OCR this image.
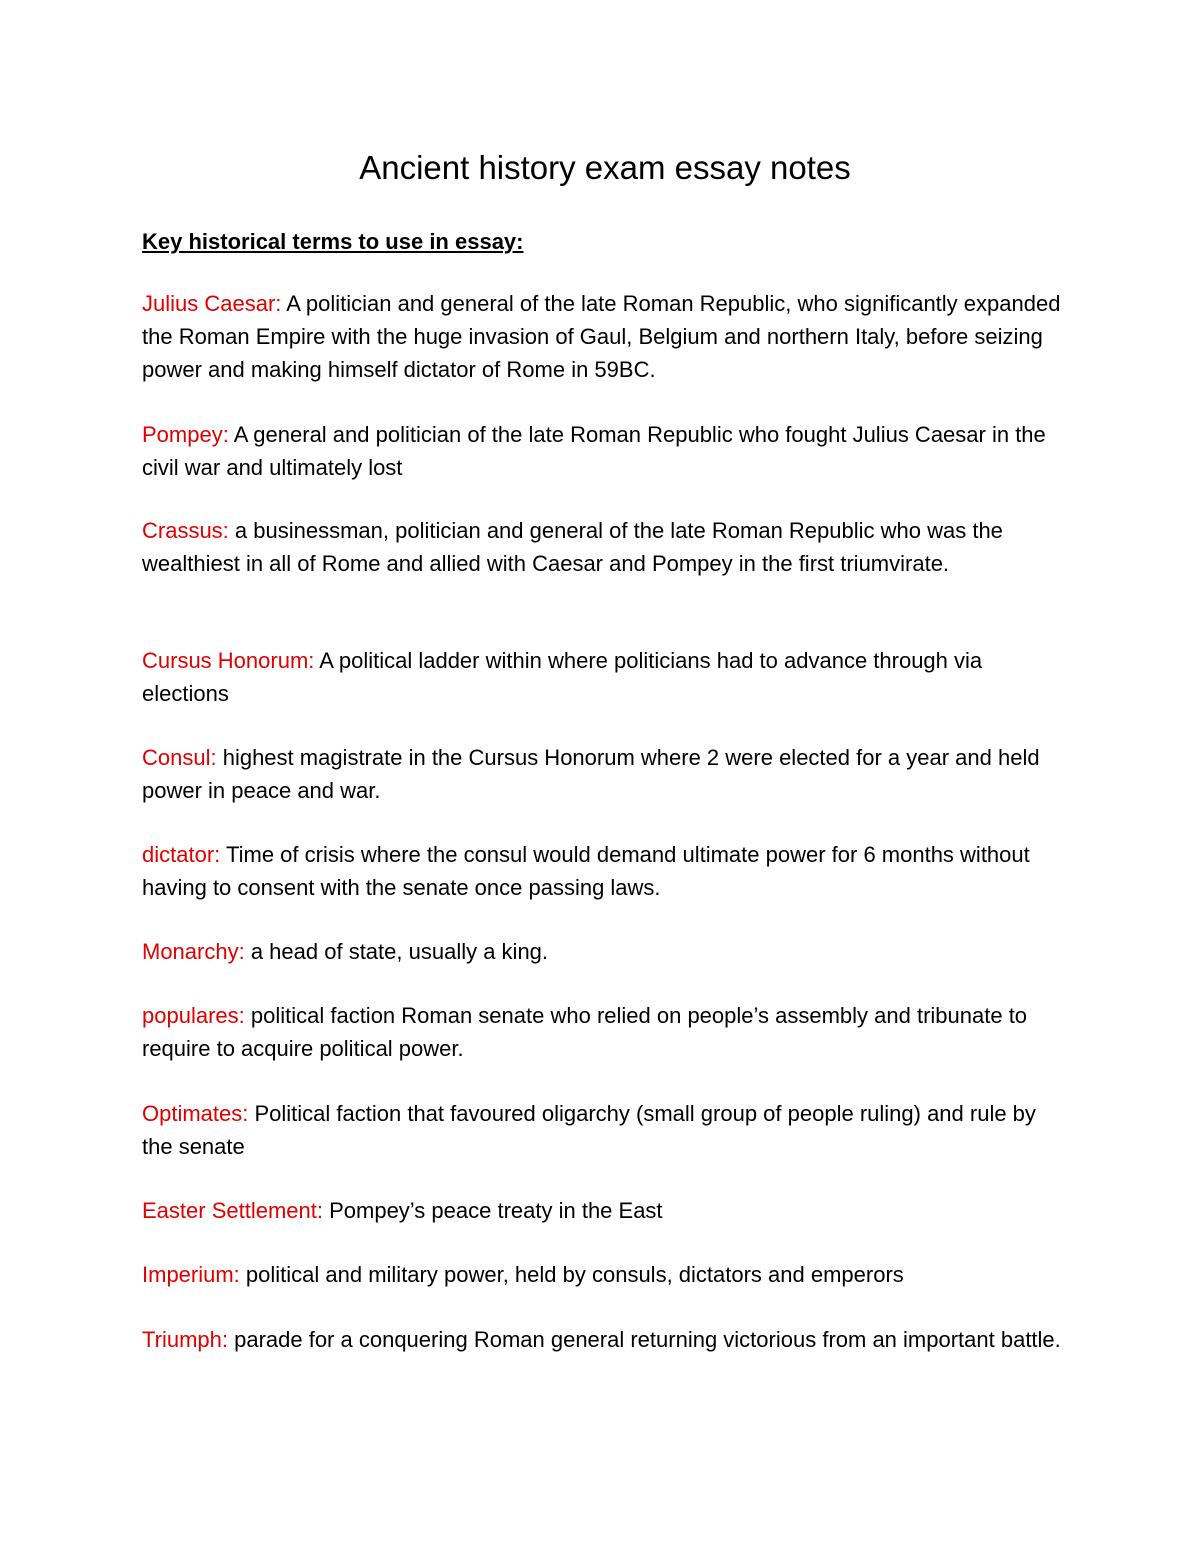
Ancient history exam essay notes

Key historical terms to use in essay:

Julius Caesar: A politician and general of the late Roman Republic, who significantly expanded the Roman Empire with the huge invasion of Gaul, Belgium and northern Italy, before seizing power and making himself dictator of Rome in 59BC.

Pompey: A general and politician of the late Roman Republic who fought Julius Caesar in the civil war and ultimately lost

Crassus: a businessman, politician and general of the late Roman Republic who was the wealthiest in all of Rome and allied with Caesar and Pompey in the first triumvirate.

Cursus Honorum: A political ladder within where politicians had to advance through via elections

Consul: highest magistrate in the Cursus Honorum where 2 were elected for a year and held power in peace and war.

dictator: Time of crisis where the consul would demand ultimate power for 6 months without having to consent with the senate once passing laws.

Monarchy: a head of state, usually a king.

populares: political faction Roman senate who relied on people’s assembly and tribunate to require to acquire political power.

Optimates: Political faction that favoured oligarchy (small group of people ruling) and rule by the senate

Easter Settlement: Pompey’s peace treaty in the East

Imperium: political and military power, held by consuls, dictators and emperors

Triumph: parade for a conquering Roman general returning victorious from an important battle.
